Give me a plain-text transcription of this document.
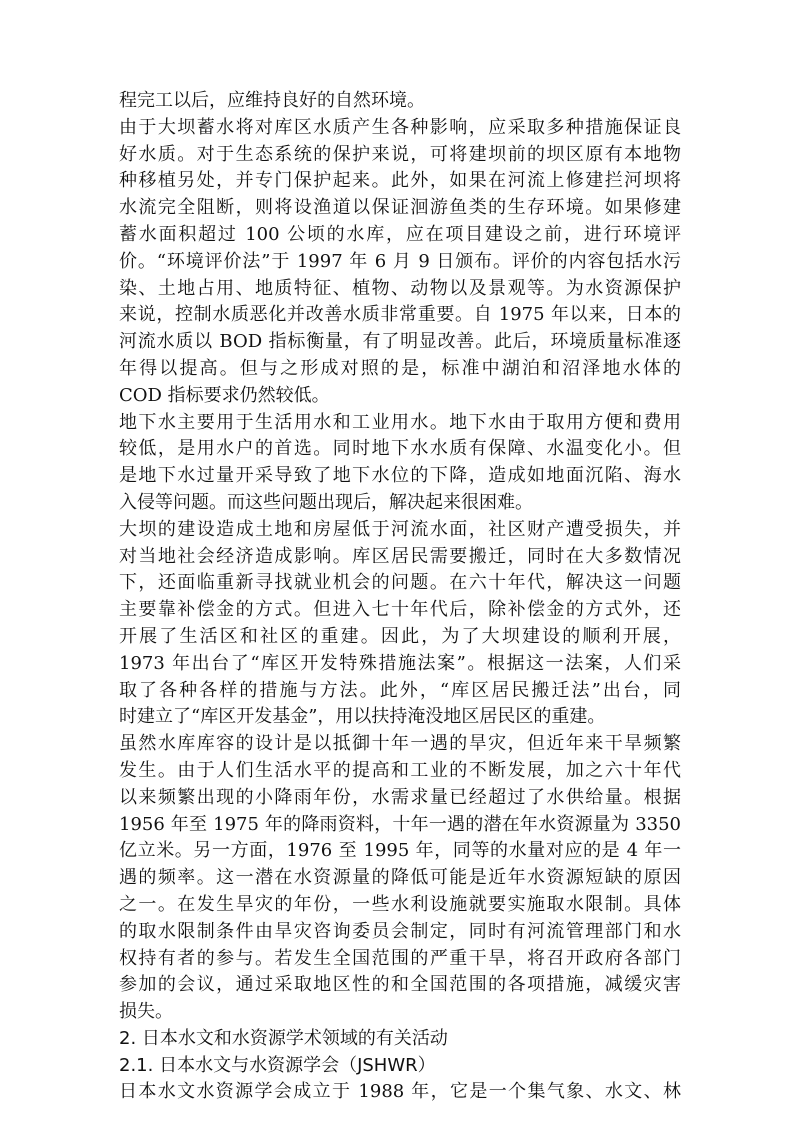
程完工以后，应维持良好的自然环境。
由于大坝蓄水将对库区水质产生各种影响，应采取多种措施保证良
好水质。对于生态系统的保护来说，可将建坝前的坝区原有本地物
种移植另处，并专门保护起来。此外，如果在河流上修建拦河坝将
水流完全阻断，则将设渔道以保证洄游鱼类的生存环境。如果修建
蓄水面积超过 100 公顷的水库，应在项目建设之前，进行环境评
价。“环境评价法”于 1997 年 6 月 9 日颁布。评价的内容包括水污
染、土地占用、地质特征、植物、动物以及景观等。为水资源保护
来说，控制水质恶化并改善水质非常重要。自 1975 年以来，日本的
河流水质以 BOD 指标衡量，有了明显改善。此后，环境质量标准逐
年得以提高。但与之形成对照的是，标准中湖泊和沼泽地水体的
COD 指标要求仍然较低。
地下水主要用于生活用水和工业用水。地下水由于取用方便和费用
较低，是用水户的首选。同时地下水水质有保障、水温变化小。但
是地下水过量开采导致了地下水位的下降，造成如地面沉陷、海水
入侵等问题。而这些问题出现后，解决起来很困难。
大坝的建设造成土地和房屋低于河流水面，社区财产遭受损失，并
对当地社会经济造成影响。库区居民需要搬迁，同时在大多数情况
下，还面临重新寻找就业机会的问题。在六十年代，解决这一问题
主要靠补偿金的方式。但进入七十年代后，除补偿金的方式外，还
开展了生活区和社区的重建。因此，为了大坝建设的顺利开展，
1973 年出台了“库区开发特殊措施法案”。根据这一法案，人们采
取了各种各样的措施与方法。此外，“库区居民搬迁法”出台，同
时建立了“库区开发基金”，用以扶持淹没地区居民区的重建。
虽然水库库容的设计是以抵御十年一遇的旱灾，但近年来干旱频繁
发生。由于人们生活水平的提高和工业的不断发展，加之六十年代
以来频繁出现的小降雨年份，水需求量已经超过了水供给量。根据
1956 年至 1975 年的降雨资料，十年一遇的潜在年水资源量为 3350
亿立米。另一方面，1976 至 1995 年，同等的水量对应的是 4 年一
遇的频率。这一潜在水资源量的降低可能是近年水资源短缺的原因
之一。在发生旱灾的年份，一些水利设施就要实施取水限制。具体
的取水限制条件由旱灾咨询委员会制定，同时有河流管理部门和水
权持有者的参与。若发生全国范围的严重干旱，将召开政府各部门
参加的会议，通过采取地区性的和全国范围的各项措施，减缓灾害
损失。
2. 日本水文和水资源学术领域的有关活动
2.1. 日本水文与水资源学会（JSHWR）
日本水文水资源学会成立于 1988 年，它是一个集气象、水文、林
